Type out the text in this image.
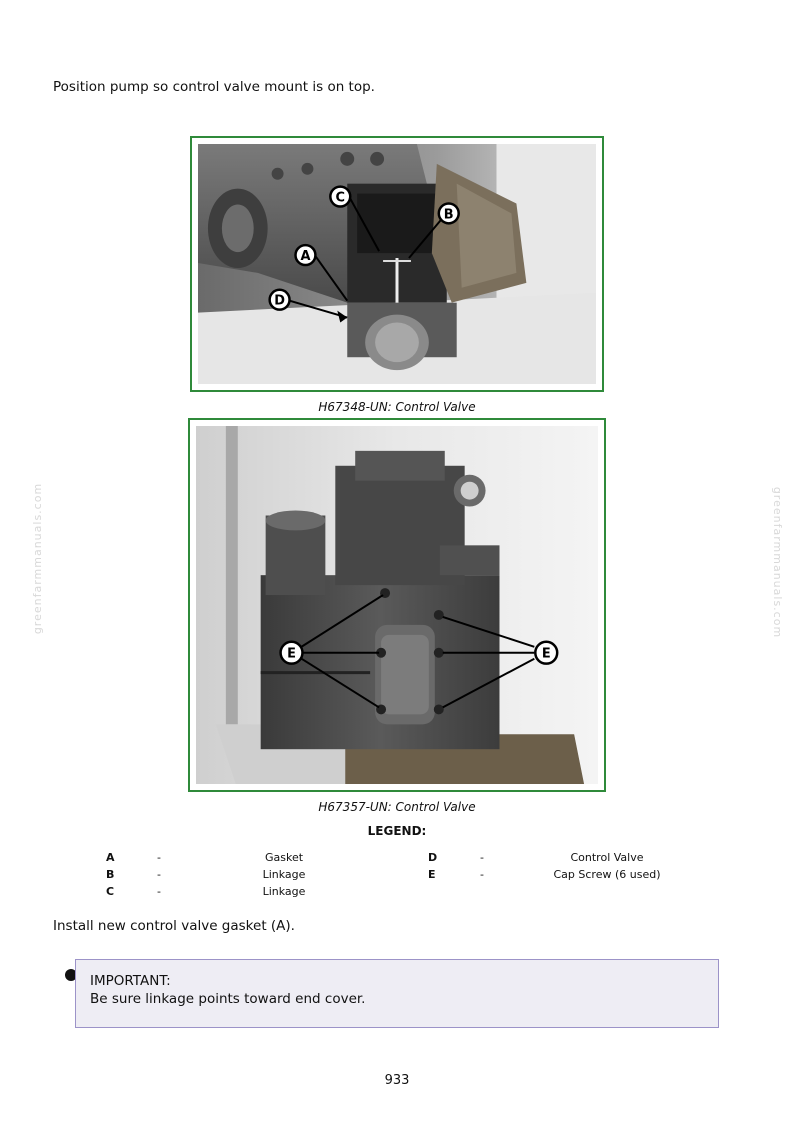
greenfarmmanuals.com	greenfarmmanuals.com
Position pump so control valve mount is on top.
C
B
A
D
H67348-UN: Control Valve
E	E
H67357-UN: Control Valve
LEGEND:
A	-	Gasket
B	-	Linkage
C	-	Linkage
D	-	Control Valve
E	-	Cap Screw (6 used)
Install new control valve gasket (A).
IMPORTANT:
Be sure linkage points toward end cover.
933
